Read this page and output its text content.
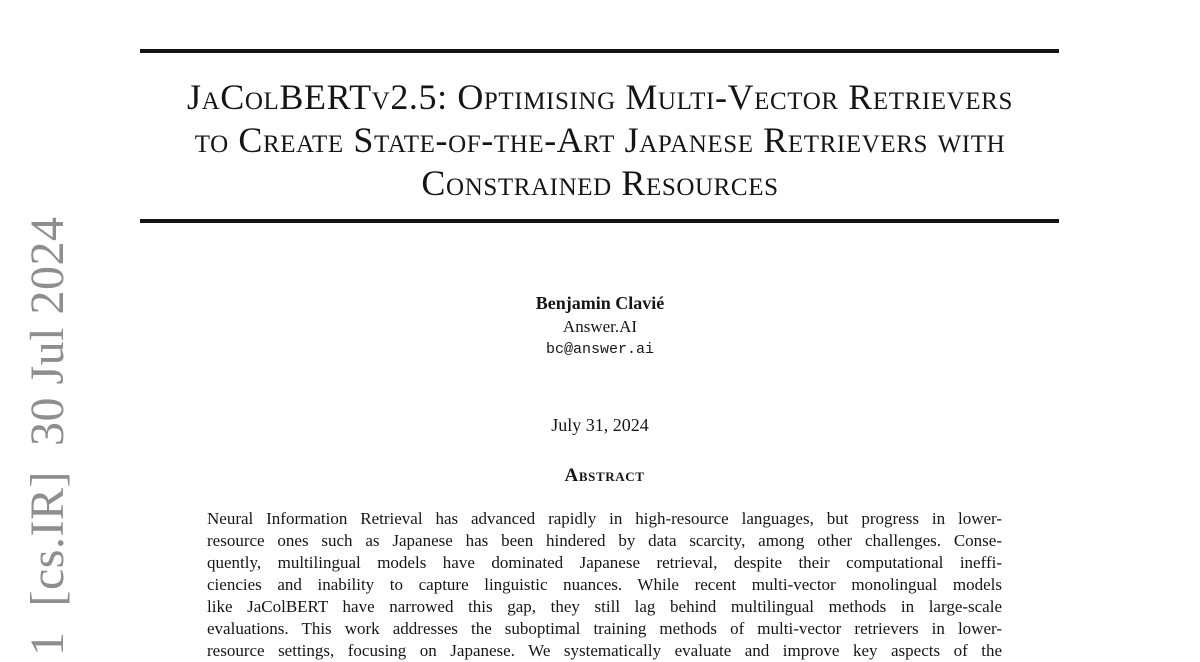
1  [cs.IR]  30 Jul 2024
JaColBERTv2.5: Optimising Multi-Vector Retrievers
to Create State-of-the-Art Japanese Retrievers with
Constrained Resources
Benjamin Clavié
Answer.AI
bc@answer.ai
July 31, 2024
Abstract
Neural Information Retrieval has advanced rapidly in high-resource languages, but progress in lower-
resource ones such as Japanese has been hindered by data scarcity, among other challenges. Conse-
quently, multilingual models have dominated Japanese retrieval, despite their computational ineffi-
ciencies and inability to capture linguistic nuances. While recent multi-vector monolingual models
like JaColBERT have narrowed this gap, they still lag behind multilingual methods in large-scale
evaluations. This work addresses the suboptimal training methods of multi-vector retrievers in lower-
resource settings, focusing on Japanese. We systematically evaluate and improve key aspects of the
